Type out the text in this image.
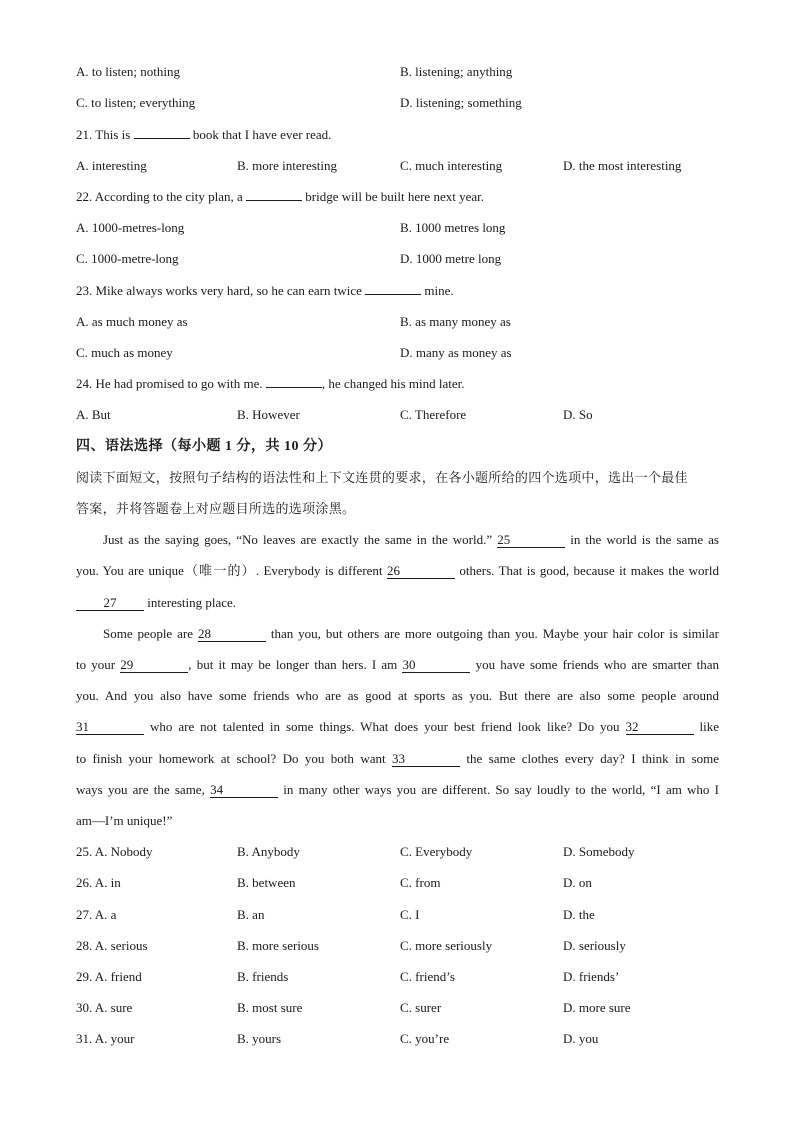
A. to listen; nothing	B. listening; anything
C. to listen; everything	D. listening; something
21. This is	book that I have ever read.
A. interesting	B. more interesting	C. much interesting	D. the most interesting
22. According to the city plan, a	bridge will be built here next year.
A. 1000-metres-long	B. 1000 metres long
C. 1000-metre-long	D. 1000 metre long
23. Mike always works very hard, so he can earn twice	mine.
A. as much money as	B. as many money as
C. much as money	D. many as money as
24. He had promised to go with me.	, he changed his mind later.
A. But	B. However	C. Therefore	D. So
四、语法选择（每小题 1 分，共 10 分）
阅读下面短文，按照句子结构的语法性和上下文连贯的要求，在各小题所给的四个选项中，选出一个最佳
答案，并将答题卷上对应题目所选的选项涂黑。
Just as the saying goes, “No leaves are exactly the same in the world.” 25	in the world is the same as
you. You are unique（唯一的）. Everybody is different 26	others. That is good, because it makes the world
27 interesting place.
Some people are 28	than you, but others are more outgoing than you. Maybe your hair color is similar
to your 29	, but it may be longer than hers. I am 30	you have some friends who are smarter than
you. And you also have some friends who are as good at sports as you. But there are also some people around
31	who are not talented in some things. What does your best friend look like? Do you 32	like
to finish your homework at school? Do you both want 33	the same clothes every day? I think in some
ways you are the same, 34	in many other ways you are different. So say loudly to the world, “I am who I
am—I’m unique!”
25. A. Nobody	B. Anybody	C. Everybody	D. Somebody
26. A. in	B. between	C. from	D. on
27. A. a	B. an	C. I	D. the
28. A. serious	B. more serious	C. more seriously	D. seriously
29. A. friend	B. friends	C. friend’s	D. friends’
30. A. sure	B. most sure	C. surer	D. more sure
31. A. your	B. yours	C. you’re	D. you
